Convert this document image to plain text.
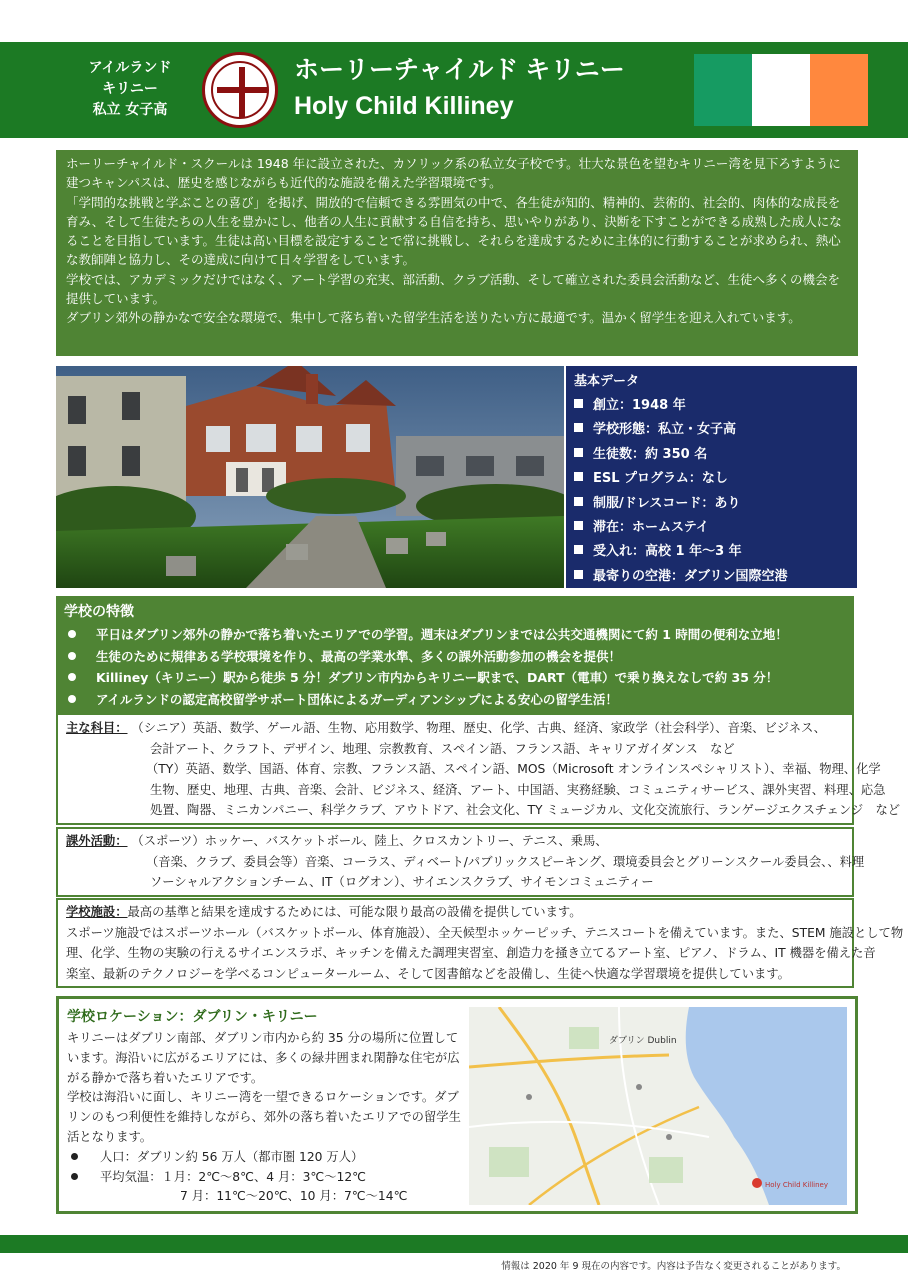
アイルランド
キリニー
私立 女子高
ホーリーチャイルド キリニー
Holy Child Killiney

ホーリーチャイルド・スクールは 1948 年に設立された、カソリック系の私立女子校です。壮大な景色を望むキリニー湾を見下ろすように建つキャンパスは、歴史を感じながらも近代的な施設を備えた学習環境です。

「学問的な挑戦と学ぶことの喜び」を掲げ、開放的で信頼できる雰囲気の中で、各生徒が知的、精神的、芸術的、社会的、肉体的な成長を育み、そして生徒たちの人生を豊かにし、他者の人生に貢献する自信を持ち、思いやりがあり、決断を下すことができる成熟した成人になることを目指しています。生徒は高い目標を設定することで常に挑戦し、それらを達成するために主体的に行動することが求められ、熱心な教師陣と協力し、その達成に向けて日々学習をしています。

学校では、アカデミックだけではなく、アート学習の充実、部活動、クラブ活動、そして確立された委員会活動など、生徒へ多くの機会を提供しています。

ダブリン郊外の静かなで安全な環境で、集中して落ち着いた留学生活を送りたい方に最適です。温かく留学生を迎え入れています。

基本データ
創立：1948 年
学校形態：私立・女子高
生徒数：約 350 名
ESL プログラム：なし
制服/ドレスコード：あり
滞在：ホームステイ
受入れ：高校 1 年～3 年
最寄りの空港：ダブリン国際空港
学校の特徴
平日はダブリン郊外の静かで落ち着いたエリアでの学習。週末はダブリンまでは公共交通機関にて約 1 時間の便利な立地！
生徒のために規律ある学校環境を作り、最高の学業水準、多くの課外活動参加の機会を提供！
Killiney（キリニー）駅から徒歩 5 分！ダブリン市内からキリニー駅まで、DART（電車）で乗り換えなしで約 35 分！
アイルランドの認定高校留学サポート団体によるガーディアンシップによる安心の留学生活！
主な科目： （シニア）英語、数学、ゲール語、生物、応用数学、物理、歴史、化学、古典、経済、家政学（社会科学）、音楽、ビジネス、
会計アート、クラフト、デザイン、地理、宗教教育、スペイン語、フランス語、キャリアガイダンス　など
（TY）英語、数学、国語、体育、宗教、フランス語、スペイン語、MOS（Microsoft オンラインスペシャリスト）、幸福、物理、化学
生物、歴史、地理、古典、音楽、会計、ビジネス、経済、アート、中国語、実務経験、コミュニティサービス、課外実習、料理、応急
処置、陶器、ミニカンパニー、科学クラブ、アウトドア、社会文化、TY ミュージカル、文化交流旅行、ランゲージエクスチェンジ　など
課外活動： （スポーツ）ホッケー、バスケットボール、陸上、クロスカントリー、テニス、乗馬、
（音楽、クラブ、委員会等）音楽、コーラス、ディベート/パブリックスピーキング、環境委員会とグリーンスクール委員会、、料理
ソーシャルアクションチーム、IT（ログオン）、サイエンスクラブ、サイモンコミュニティー
学校施設：最高の基準と結果を達成するためには、可能な限り最高の設備を提供しています。
スポーツ施設ではスポーツホール（バスケットボール、体育施設）、全天候型ホッケーピッチ、テニスコートを備えています。また、STEM 施設として物
理、化学、生物の実験の行えるサイエンスラボ、キッチンを備えた調理実習室、創造力を掻き立てるアート室、ピアノ、ドラム、IT 機器を備えた音
楽室、最新のテクノロジーを学べるコンピュータールーム、そして図書館などを設備し、生徒へ快適な学習環境を提供しています。
学校ロケーション：ダブリン・キリニー
キリニーはダブリン南部、ダブリン市内から約 35 分の場所に位置しています。海沿いに広がるエリアには、多くの緑井囲まれ閑静な住宅が広がる静かで落ち着いたエリアです。
学校は海沿いに面し、キリニー湾を一望できるロケーションです。ダブリンのもつ利便性を維持しながら、郊外の落ち着いたエリアでの留学生活となります。
人口：ダブリン約 56 万人（都市圏 120 万人）
平均気温：１月：2℃～8℃、4 月：3℃～12℃
7 月：11℃～20℃、10 月：7℃～14℃
ダブリン Dublin
Holy Child Killiney
情報は 2020 年 9 現在の内容です。内容は予告なく変更されることがあります。
